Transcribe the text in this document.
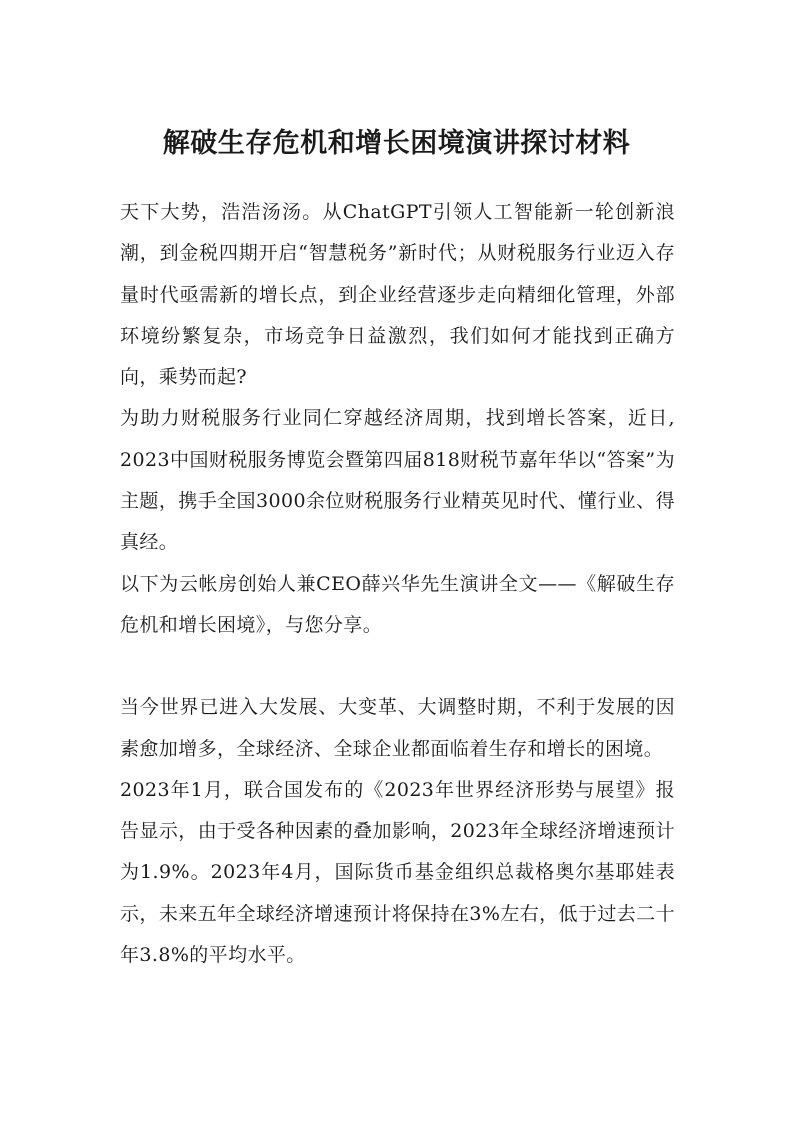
解破生存危机和增长困境演讲探讨材料

天下大势，浩浩汤汤。从ChatGPT引领人工智能新一轮创新浪潮，到金税四期开启“智慧税务”新时代；从财税服务行业迈入存量时代亟需新的增长点，到企业经营逐步走向精细化管理，外部环境纷繁复杂，市场竞争日益激烈，我们如何才能找到正确方向，乘势而起?

为助力财税服务行业同仁穿越经济周期，找到增长答案，近日, 2023中国财税服务博览会暨第四届818财税节嘉年华以“答案”为主题，携手全国3000余位财税服务行业精英见时代、懂行业、得真经。

以下为云帐房创始人兼CEO薛兴华先生演讲全文——《解破生存危机和增长困境》，与您分享。

当今世界已进入大发展、大变革、大调整时期，不利于发展的因素愈加增多，全球经济、全球企业都面临着生存和增长的困境。

2023年1月，联合国发布的《2023年世界经济形势与展望》报告显示，由于受各种因素的叠加影响，2023年全球经济增速预计为1.9%。2023年4月，国际货币基金组织总裁格奥尔基耶娃表示，未来五年全球经济增速预计将保持在3%左右，低于过去二十年3.8%的平均水平。
